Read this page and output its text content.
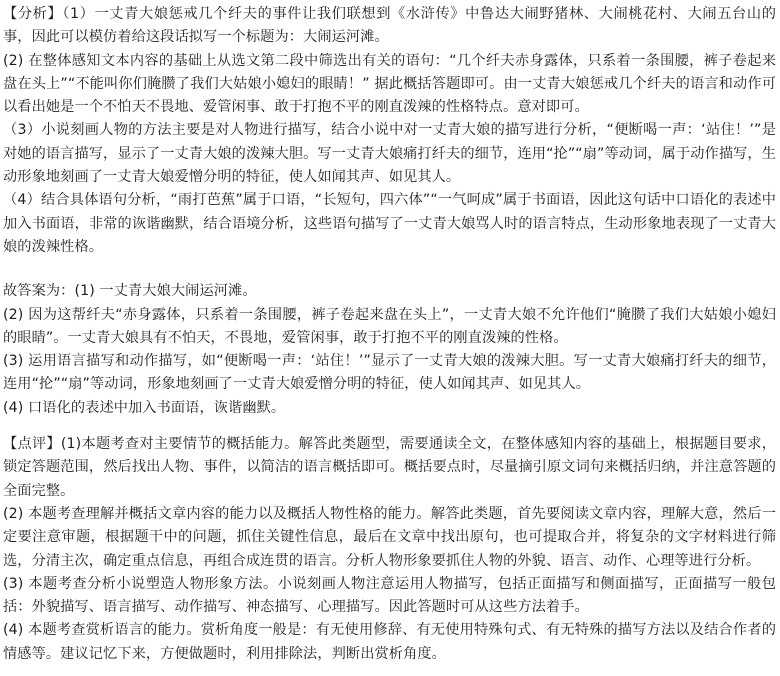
【分析】（1）一丈青大娘惩戒几个纤夫的事件让我们联想到《水浒传》中鲁达大闹野猪林、大闹桃花村、大闹五台山的事，因此可以模仿着给这段话拟写一个标题为：大闹运河滩。

(2) 在整体感知文本内容的基础上从选文第二段中筛选出有关的语句：“几个纤夫赤身露体，只系着一条围腰，裤子卷起来盘在头上”“不能叫你们腌臜了我们大姑娘小媳妇的眼睛！” 据此概括答题即可。由一丈青大娘惩戒几个纤夫的语言和动作可以看出她是一个不怕天不畏地、爱管闲事、敢于打抱不平的刚直泼辣的性格特点。意对即可。

（3）小说刻画人物的方法主要是对人物进行描写，结合小说中对一丈青大娘的描写进行分析，“便断喝一声：‘站住！’”是对她的语言描写，显示了一丈青大娘的泼辣大胆。写一丈青大娘痛打纤夫的细节，连用“抡”“扇”等动词，属于动作描写，生动形象地刻画了一丈青大娘爱憎分明的特征，使人如闻其声、如见其人。

（4）结合具体语句分析，“雨打芭蕉”属于口语，“长短句，四六体”“一气呵成”属于书面语，因此这句话中口语化的表述中加入书面语，非常的诙谐幽默，结合语境分析，这些语句描写了一丈青大娘骂人时的语言特点，生动形象地表现了一丈青大娘的泼辣性格。

故答案为：(1) 一丈青大娘大闹运河滩。

(2) 因为这帮纤夫“赤身露体，只系着一条围腰，裤子卷起来盘在头上”，一丈青大娘不允许他们“腌臜了我们大姑娘小媳妇的眼睛”。一丈青大娘具有不怕天，不畏地，爱管闲事，敢于打抱不平的刚直泼辣的性格。

(3) 运用语言描写和动作描写，如“便断喝一声：‘站住！’”显示了一丈青大娘的泼辣大胆。写一丈青大娘痛打纤夫的细节，连用“抡”“扇”等动词，形象地刻画了一丈青大娘爱憎分明的特征，使人如闻其声、如见其人。

(4) 口语化的表述中加入书面语，诙谐幽默。

【点评】(1)本题考查对主要情节的概括能力。解答此类题型，需要通读全文，在整体感知内容的基础上，根据题目要求，锁定答题范围，然后找出人物、事件，以简洁的语言概括即可。概括要点时，尽量摘引原文词句来概括归纳，并注意答题的全面完整。

(2) 本题考查理解并概括文章内容的能力以及概括人物性格的能力。解答此类题，首先要阅读文章内容，理解大意，然后一定要注意审题，根据题干中的问题，抓住关键性信息，最后在文章中找出原句，也可提取合并，将复杂的文字材料进行筛选，分清主次，确定重点信息，再组合成连贯的语言。分析人物形象要抓住人物的外貌、语言、动作、心理等进行分析。

(3) 本题考查分析小说塑造人物形象方法。小说刻画人物注意运用人物描写，包括正面描写和侧面描写，正面描写一般包括：外貌描写、语言描写、动作描写、神态描写、心理描写。因此答题时可从这些方法着手。

(4) 本题考查赏析语言的能力。赏析角度一般是：有无使用修辞、有无使用特殊句式、有无特殊的描写方法以及结合作者的情感等。建议记忆下来，方便做题时，利用排除法，判断出赏析角度。
